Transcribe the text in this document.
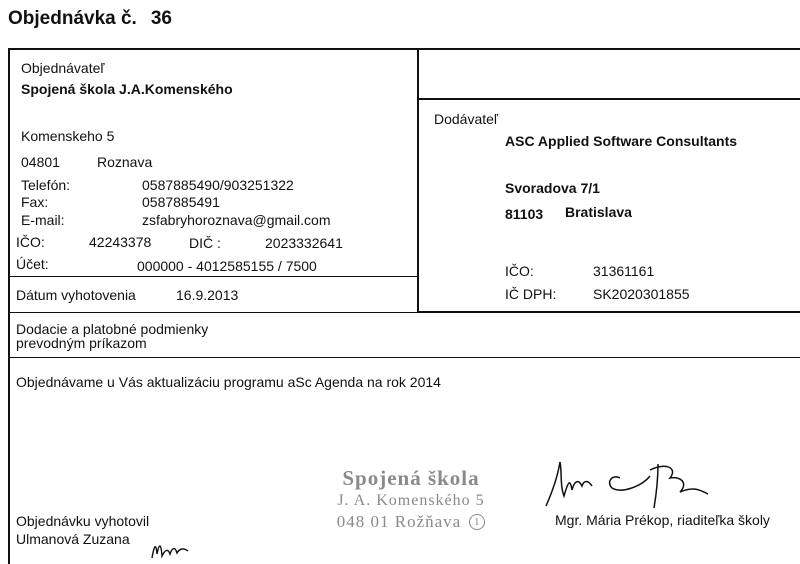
Objednávka č. 36
Objednávateľ
Spojená škola J.A.Komenského
Komenskeho 5
04801	Roznava
Telefón:	0587885490/903251322
Fax:	0587885491
E-mail:	zsfabryhoroznava@gmail.com
IČO:	42243378	DIČ :	2023332641
Účet:	000000 - 4012585155 / 7500
Dátum vyhotovenia	16.9.2013
Dodávateľ
ASC Applied Software Consultants
Svoradova 7/1
81103 Bratislava
IČO:	31361161
IČ DPH:	SK2020301855
Dodacie a platobné podmienky
prevodným príkazom
Objednávame u Vás aktualizáciu programu aSc Agenda na rok 2014
Objednávku vyhotovil
Ulmanová Zuzana
Spojená škola
J. A. Komenského 5
048 01 Rožňava 1	Mgr. Mária Prékop, riaditeľka školy
